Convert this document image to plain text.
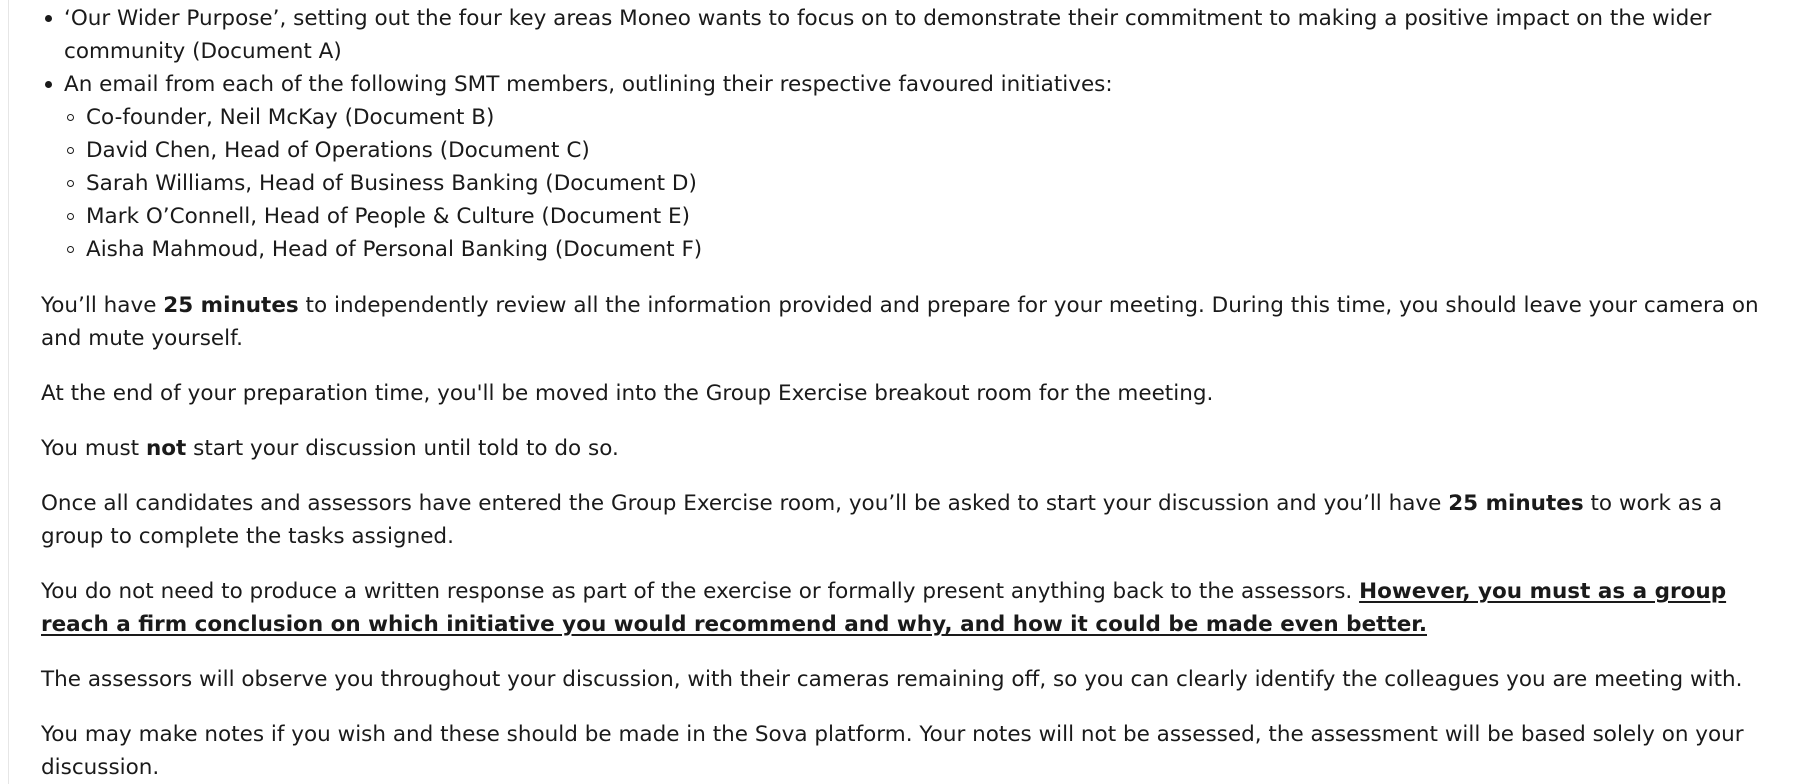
‘Our Wider Purpose’, setting out the four key areas Moneo wants to focus on to demonstrate their commitment to making a positive impact on the wider community (Document A)
An email from each of the following SMT members, outlining their respective favoured initiatives:
Co-founder, Neil McKay (Document B)
David Chen, Head of Operations (Document C)
Sarah Williams, Head of Business Banking (Document D)
Mark O’Connell, Head of People & Culture (Document E)
Aisha Mahmoud, Head of Personal Banking (Document F)

You’ll have 25 minutes to independently review all the information provided and prepare for your meeting. During this time, you should leave your camera on and mute yourself.

At the end of your preparation time, you'll be moved into the Group Exercise breakout room for the meeting.

You must not start your discussion until told to do so.

Once all candidates and assessors have entered the Group Exercise room, you’ll be asked to start your discussion and you’ll have 25 minutes to work as a group to complete the tasks assigned.

You do not need to produce a written response as part of the exercise or formally present anything back to the assessors. However, you must as a group reach a firm conclusion on which initiative you would recommend and why, and how it could be made even better.

The assessors will observe you throughout your discussion, with their cameras remaining off, so you can clearly identify the colleagues you are meeting with.

You may make notes if you wish and these should be made in the Sova platform. Your notes will not be assessed, the assessment will be based solely on your discussion.
